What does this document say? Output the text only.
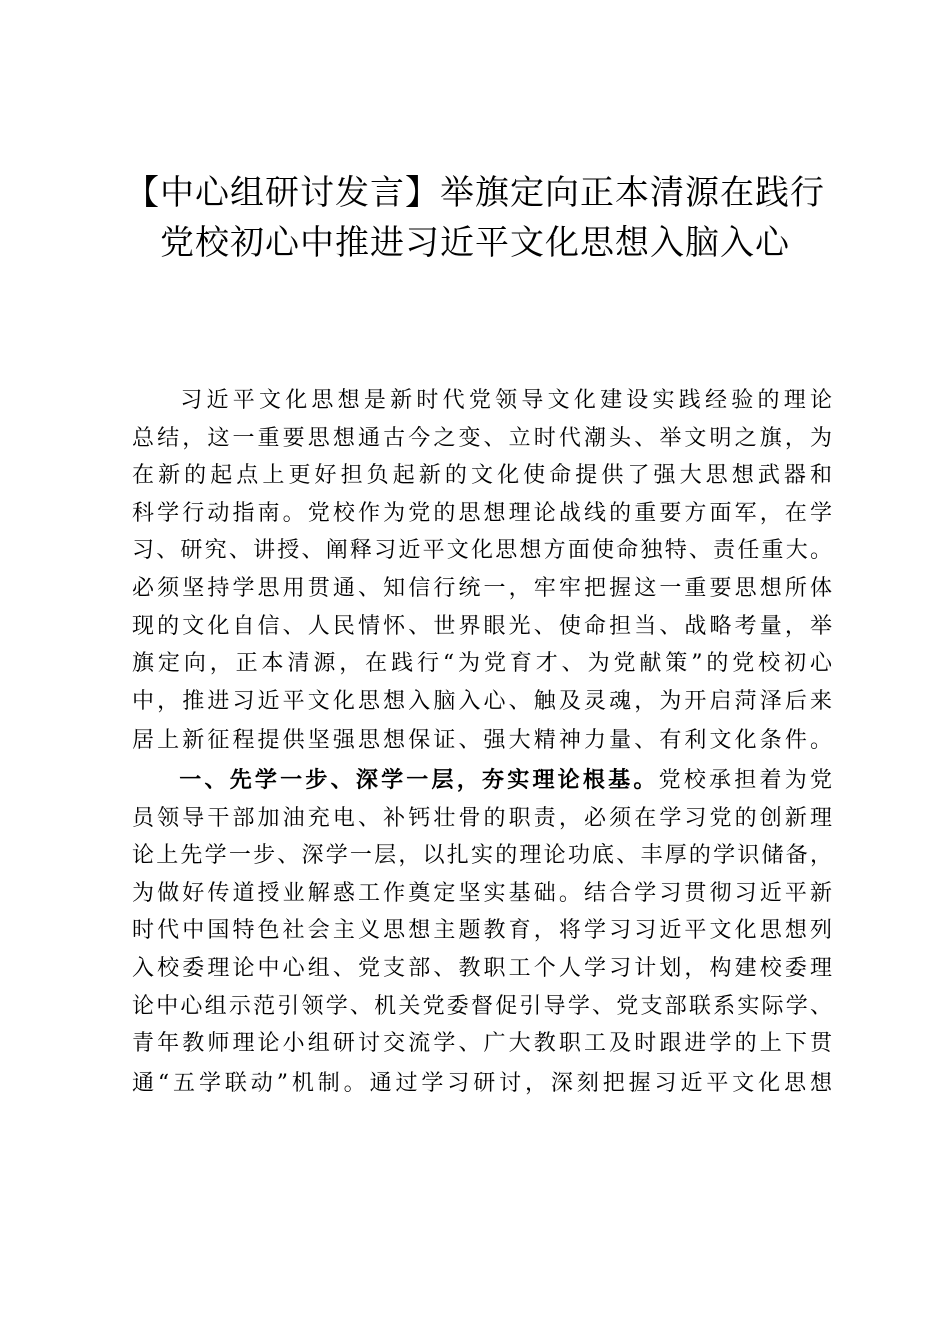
【中心组研讨发言】举旗定向正本清源在践行
党校初心中推进习近平文化思想入脑入心
习近平文化思想是新时代党领导文化建设实践经验的理论
总结，这一重要思想通古今之变、立时代潮头、举文明之旗，为
在新的起点上更好担负起新的文化使命提供了强大思想武器和
科学行动指南。党校作为党的思想理论战线的重要方面军，在学
习、研究、讲授、阐释习近平文化思想方面使命独特、责任重大。
必须坚持学思用贯通、知信行统一，牢牢把握这一重要思想所体
现的文化自信、人民情怀、世界眼光、使命担当、战略考量，举
旗定向，正本清源，在践行“为党育才、为党献策”的党校初心
中，推进习近平文化思想入脑入心、触及灵魂，为开启菏泽后来
居上新征程提供坚强思想保证、强大精神力量、有利文化条件。
一、先学一步、深学一层，夯实理论根基。党校承担着为党
员领导干部加油充电、补钙壮骨的职责，必须在学习党的创新理
论上先学一步、深学一层，以扎实的理论功底、丰厚的学识储备，
为做好传道授业解惑工作奠定坚实基础。结合学习贯彻习近平新
时代中国特色社会主义思想主题教育，将学习习近平文化思想列
入校委理论中心组、党支部、教职工个人学习计划，构建校委理
论中心组示范引领学、机关党委督促引导学、党支部联系实际学、
青年教师理论小组研讨交流学、广大教职工及时跟进学的上下贯
通“五学联动”机制。通过学习研讨，深刻把握习近平文化思想
